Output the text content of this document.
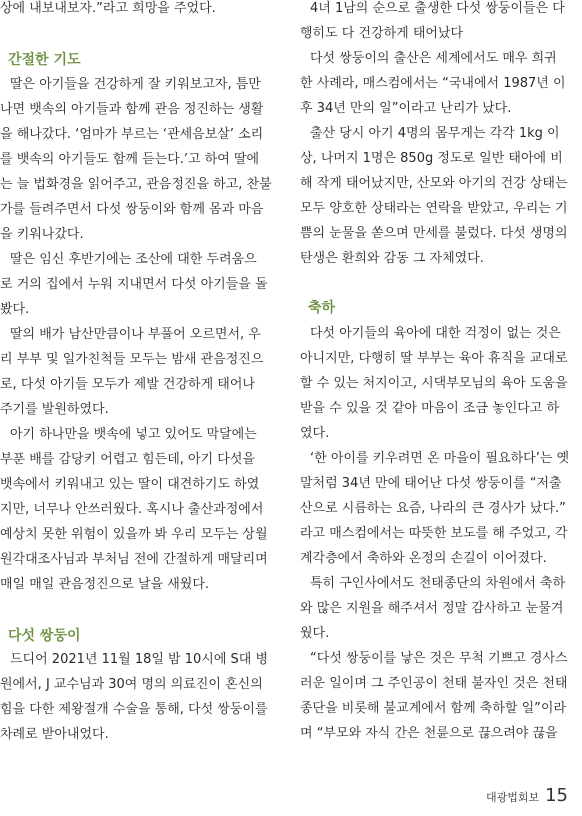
상에 내보내보자.”라고 희망을 주었다.
간절한 기도
딸은 아기들을 건강하게 잘 키워보고자, 틈만
나면 뱃속의 아기들과 함께 관음 정진하는 생활
을 해나갔다. ‘엄마가 부르는 ‘관세음보살’ 소리
를 뱃속의 아기들도 함께 듣는다.’고 하여 딸에
는 늘 법화경을 읽어주고, 관음정진을 하고, 찬불
가를 들려주면서 다섯 쌍둥이와 함께 몸과 마음
을 키워나갔다.
딸은 임신 후반기에는 조산에 대한 두려움으
로 거의 집에서 누워 지내면서 다섯 아기들을 돌
봤다.
딸의 배가 남산만큼이나 부풀어 오르면서, 우
리 부부 및 일가친척들 모두는 밤새 관음정진으
로, 다섯 아기들 모두가 제발 건강하게 태어나
주기를 발원하였다.
아기 하나만을 뱃속에 넣고 있어도 막달에는
부푼 배를 감당키 어렵고 힘든데, 아기 다섯을
뱃속에서 키워내고 있는 딸이 대견하기도 하였
지만, 너무나 안쓰러웠다. 혹시나 출산과정에서
예상치 못한 위험이 있을까 봐 우리 모두는 상월
원각대조사님과 부처님 전에 간절하게 매달리며
매일 매일 관음정진으로 날을 새웠다.
다섯 쌍둥이
드디어 2021년 11월 18일 밤 10시에 S대 병
원에서, J 교수님과 30여 명의 의료진이 혼신의
힘을 다한 제왕절개 수술을 통해, 다섯 쌍둥이를
차례로 받아내었다.
4녀 1남의 순으로 출생한 다섯 쌍둥이들은 다
행히도 다 건강하게 태어났다
다섯 쌍둥이의 출산은 세계에서도 매우 희귀
한 사례라, 매스컴에서는 “국내에서 1987년 이
후 34년 만의 일”이라고 난리가 났다.
출산 당시 아기 4명의 몸무게는 각각 1kg 이
상, 나머지 1명은 850g 정도로 일반 태아에 비
해 작게 태어났지만, 산모와 아기의 건강 상태는
모두 양호한 상태라는 연락을 받았고, 우리는 기
쁨의 눈물을 쏟으며 만세를 불렀다. 다섯 생명의
탄생은 환희와 감동 그 자체였다.
축하
다섯 아기들의 육아에 대한 걱정이 없는 것은
아니지만, 다행히 딸 부부는 육아 휴직을 교대로
할 수 있는 처지이고, 시댁부모님의 육아 도움을
받을 수 있을 것 같아 마음이 조금 놓인다고 하
였다.
‘한 아이를 키우려면 온 마을이 필요하다’는 옛
말처럼 34년 만에 태어난 다섯 쌍둥이를 “저출
산으로 시름하는 요즘, 나라의 큰 경사가 났다.”
라고 매스컴에서는 따뜻한 보도를 해 주었고, 각
계각층에서 축하와 온정의 손길이 이어졌다.
특히 구인사에서도 천태종단의 차원에서 축하
와 많은 지원을 해주셔서 정말 감사하고 눈물겨
웠다.
“다섯 쌍둥이를 낳은 것은 무척 기쁘고 경사스
러운 일이며 그 주인공이 천태 불자인 것은 천태
종단을 비롯해 불교계에서 함께 축하할 일”이라
며 “부모와 자식 간은 천륜으로 끊으려야 끊을
대광법회보 15
